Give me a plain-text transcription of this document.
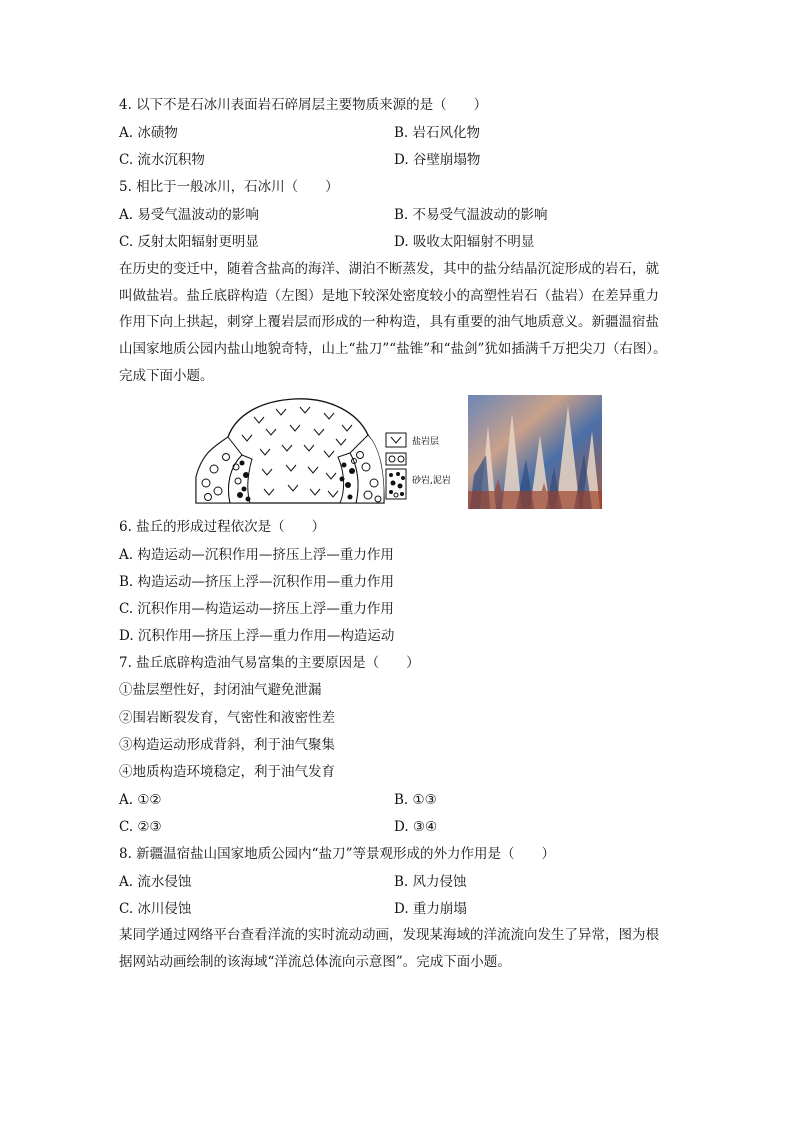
4. 以下不是石冰川表面岩石碎屑层主要物质来源的是（　　）
A. 冰碛物	B. 岩石风化物
C. 流水沉积物	D. 谷壁崩塌物
5. 相比于一般冰川，石冰川（　　）
A. 易受气温波动的影响	B. 不易受气温波动的影响
C. 反射太阳辐射更明显	D. 吸收太阳辐射不明显
在历史的变迁中，随着含盐高的海洋、湖泊不断蒸发，其中的盐分结晶沉淀形成的岩石，就
叫做盐岩。盐丘底辟构造（左图）是地下较深处密度较小的高塑性岩石（盐岩）在差异重力
作用下向上拱起，刺穿上覆岩层而形成的一种构造，具有重要的油气地质意义。新疆温宿盐
山国家地质公园内盐山地貌奇特，山上“盐刀”“盐锥”和“盐剑”犹如插满千万把尖刀（右图）。
完成下面小题。
盐岩层
砂岩,泥岩
6. 盐丘的形成过程依次是（　　）
A. 构造运动—沉积作用—挤压上浮—重力作用
B. 构造运动—挤压上浮—沉积作用—重力作用
C. 沉积作用—构造运动—挤压上浮—重力作用
D. 沉积作用—挤压上浮—重力作用—构造运动
7. 盐丘底辟构造油气易富集的主要原因是（　　）
①盐层塑性好，封闭油气避免泄漏
②围岩断裂发育，气密性和液密性差
③构造运动形成背斜，利于油气聚集
④地质构造环境稳定，利于油气发育
A. ①②	B. ①③
C. ②③	D. ③④
8. 新疆温宿盐山国家地质公园内“盐刀”等景观形成的外力作用是（　　）
A. 流水侵蚀	B. 风力侵蚀
C. 冰川侵蚀	D. 重力崩塌
某同学通过网络平台查看洋流的实时流动动画，发现某海域的洋流流向发生了异常，图为根
据网站动画绘制的该海域“洋流总体流向示意图”。完成下面小题。
